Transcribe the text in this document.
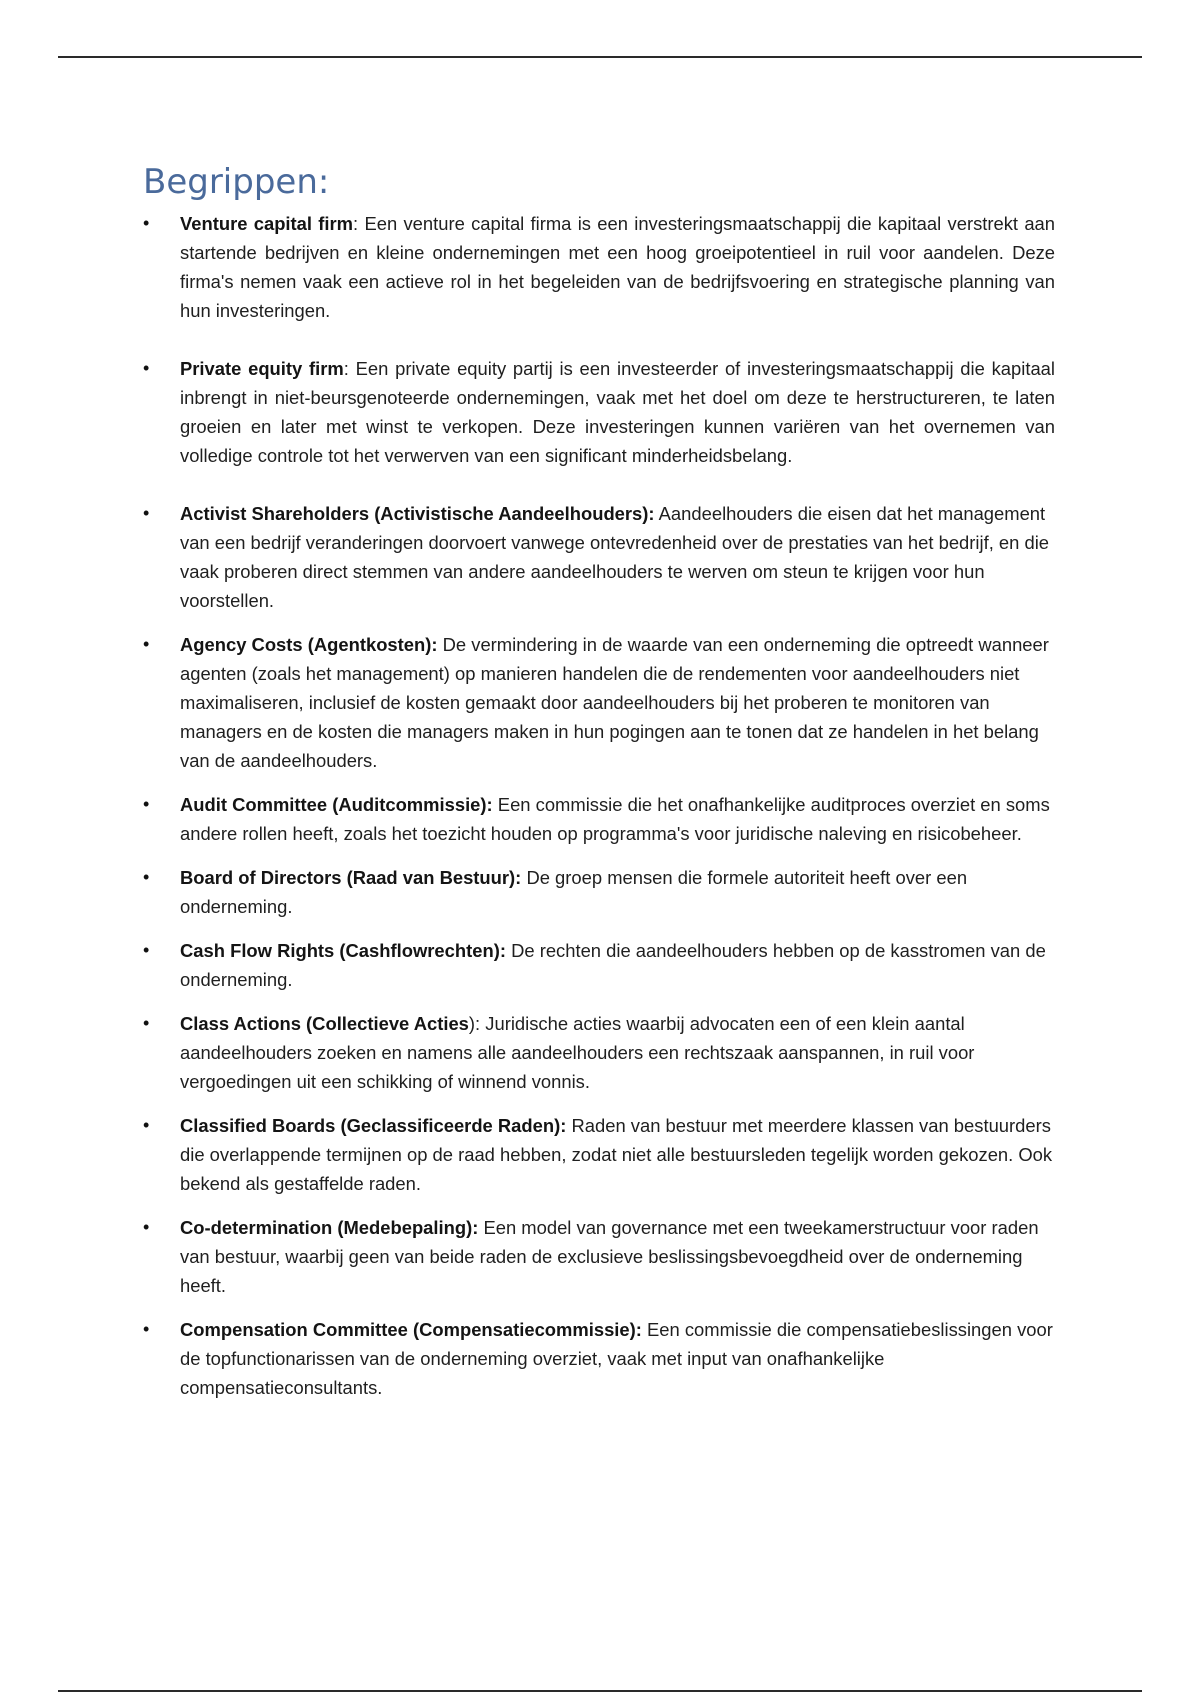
Begrippen:
•	Venture capital firm: Een venture capital firma is een investeringsmaatschappij die kapitaal verstrekt aan startende bedrijven en kleine ondernemingen met een hoog groeipotentieel in ruil voor aandelen. Deze firma's nemen vaak een actieve rol in het begeleiden van de bedrijfsvoering en strategische planning van hun investeringen.
•	Private equity firm: Een private equity partij is een investeerder of investeringsmaatschappij die kapitaal inbrengt in niet-beursgenoteerde ondernemingen, vaak met het doel om deze te herstructureren, te laten groeien en later met winst te verkopen. Deze investeringen kunnen variëren van het overnemen van volledige controle tot het verwerven van een significant minderheidsbelang.
•	Activist Shareholders (Activistische Aandeelhouders): Aandeelhouders die eisen dat het management van een bedrijf veranderingen doorvoert vanwege ontevredenheid over de prestaties van het bedrijf, en die vaak proberen direct stemmen van andere aandeelhouders te werven om steun te krijgen voor hun voorstellen.
•	Agency Costs (Agentkosten): De vermindering in de waarde van een onderneming die optreedt wanneer agenten (zoals het management) op manieren handelen die de rendementen voor aandeelhouders niet maximaliseren, inclusief de kosten gemaakt door aandeelhouders bij het proberen te monitoren van managers en de kosten die managers maken in hun pogingen aan te tonen dat ze handelen in het belang van de aandeelhouders.
•	Audit Committee (Auditcommissie): Een commissie die het onafhankelijke auditproces overziet en soms andere rollen heeft, zoals het toezicht houden op programma's voor juridische naleving en risicobeheer.
•	Board of Directors (Raad van Bestuur): De groep mensen die formele autoriteit heeft over een onderneming.
•	Cash Flow Rights (Cashflowrechten): De rechten die aandeelhouders hebben op de kasstromen van de onderneming.
•	Class Actions (Collectieve Acties): Juridische acties waarbij advocaten een of een klein aantal aandeelhouders zoeken en namens alle aandeelhouders een rechtszaak aanspannen, in ruil voor vergoedingen uit een schikking of winnend vonnis.
•	Classified Boards (Geclassificeerde Raden): Raden van bestuur met meerdere klassen van bestuurders die overlappende termijnen op de raad hebben, zodat niet alle bestuursleden tegelijk worden gekozen. Ook bekend als gestaffelde raden.
•	Co-determination (Medebepaling): Een model van governance met een tweekamerstructuur voor raden van bestuur, waarbij geen van beide raden de exclusieve beslissingsbevoegdheid over de onderneming heeft.
•	Compensation Committee (Compensatiecommissie): Een commissie die compensatiebeslissingen voor de topfunctionarissen van de onderneming overziet, vaak met input van onafhankelijke compensatieconsultants.
